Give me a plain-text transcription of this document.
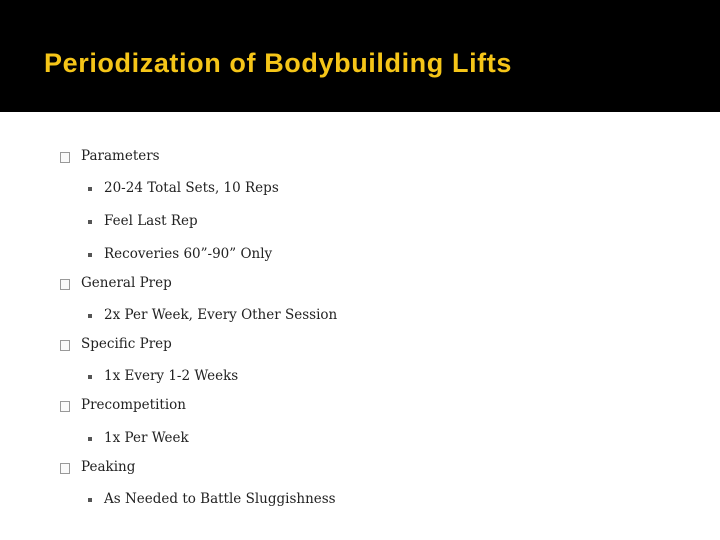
Periodization of Bodybuilding Lifts
Parameters
20-24 Total Sets, 10 Reps
Feel Last Rep
Recoveries 60”-90” Only
General Prep
2x Per Week, Every Other Session
Specific Prep
1x Every 1-2 Weeks
Precompetition
1x Per Week
Peaking
As Needed to Battle Sluggishness
